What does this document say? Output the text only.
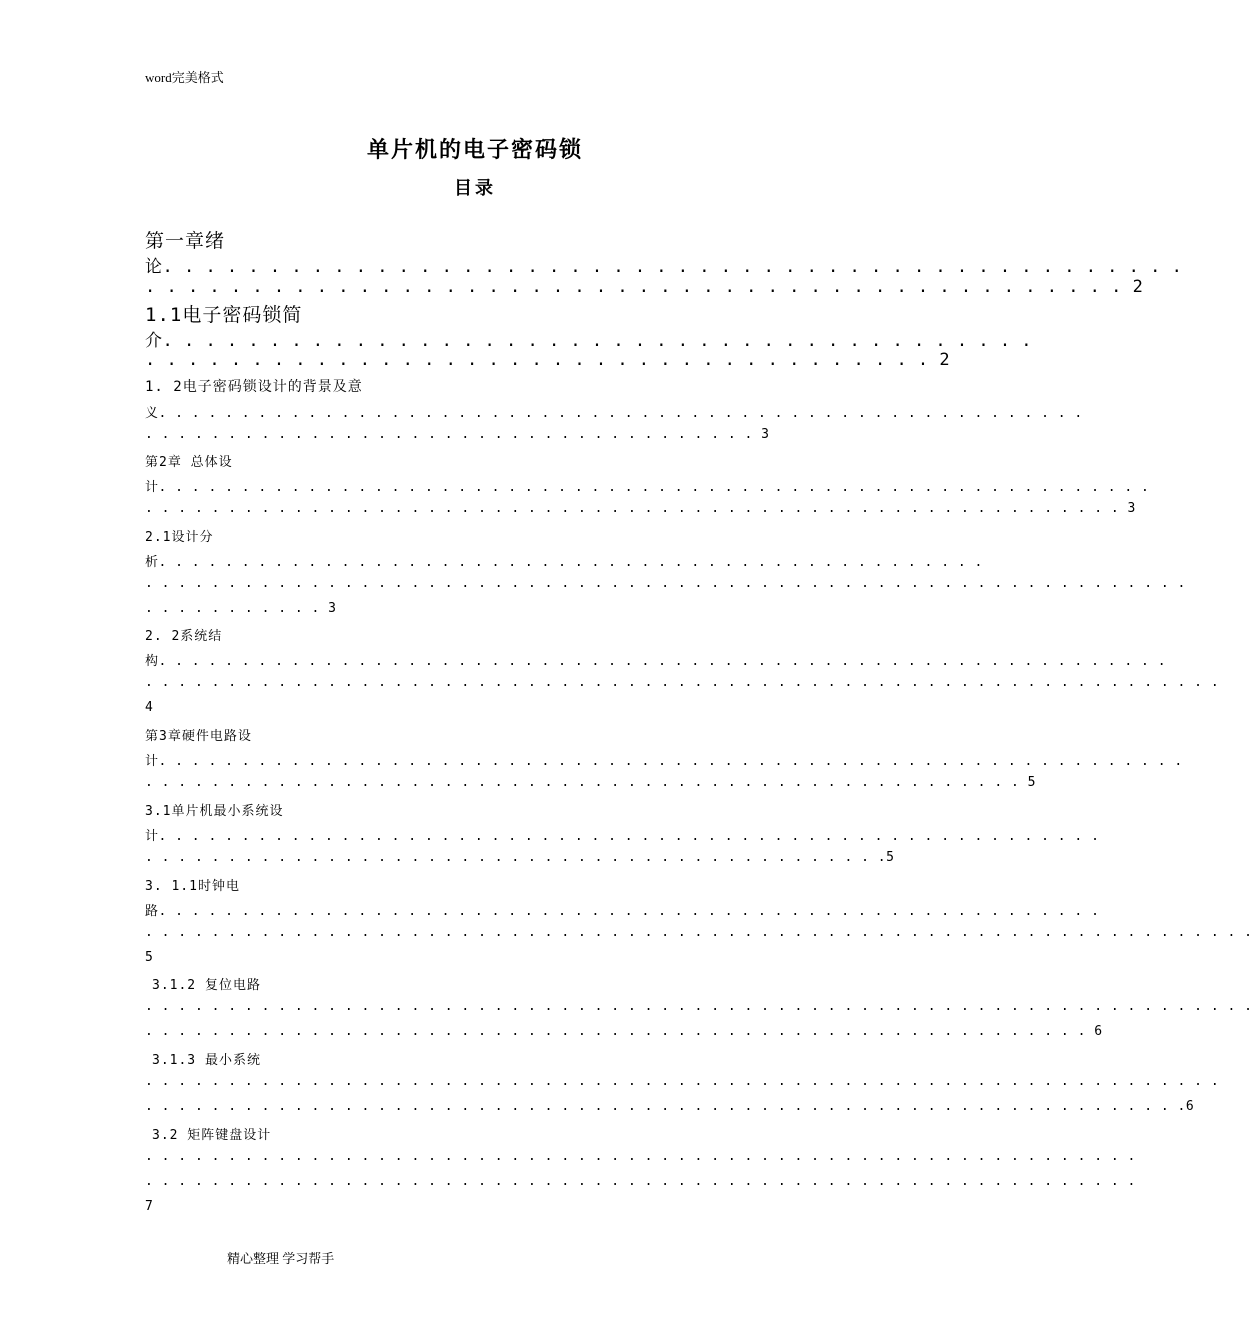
word完美格式
单片机的电子密码锁
目录
第一章绪
论. . . . . . . . . . . . . . . . . . . . . . . . . . . . . . . . . . . . . . . . . . . . . . . .
. . . . . . . . . . . . . . . . . . . . . . . . . . . . . . . . . . . . . . . . . . . . . . 2
1.1电子密码锁简
介. . . . . . . . . . . . . . . . . . . . . . . . . . . . . . . . . . . . . . . . .
. . . . . . . . . . . . . . . . . . . . . . . . . . . . . . . . . . . . . 2
1. 2电子密码锁设计的背景及意
义. . . . . . . . . . . . . . . . . . . . . . . . . . . . . . . . . . . . . . . . . . . . . . . . . . . . . . . .
. . . . . . . . . . . . . . . . . . . . . . . . . . . . . . . . . . . . . 3
第2章 总体设
计. . . . . . . . . . . . . . . . . . . . . . . . . . . . . . . . . . . . . . . . . . . . . . . . . . . . . . . . . . . .
. . . . . . . . . . . . . . . . . . . . . . . . . . . . . . . . . . . . . . . . . . . . . . . . . . . . . . . . . . . 3
2.1设计分
析. . . . . . . . . . . . . . . . . . . . . . . . . . . . . . . . . . . . . . . . . . . . . . . . . .
. . . . . . . . . . . . . . . . . . . . . . . . . . . . . . . . . . . . . . . . . . . . . . . . . . . . . . . . . . . . . . .
. . . . . . . . . . . 3
2. 2系统结
构. . . . . . . . . . . . . . . . . . . . . . . . . . . . . . . . . . . . . . . . . . . . . . . . . . . . . . . . . . . . .
. . . . . . . . . . . . . . . . . . . . . . . . . . . . . . . . . . . . . . . . . . . . . . . . . . . . . . . . . . . . . . . . .
4
第3章硬件电路设
计. . . . . . . . . . . . . . . . . . . . . . . . . . . . . . . . . . . . . . . . . . . . . . . . . . . . . . . . . . . . . .
. . . . . . . . . . . . . . . . . . . . . . . . . . . . . . . . . . . . . . . . . . . . . . . . . . . . . 5
3.1单片机最小系统设
计. . . . . . . . . . . . . . . . . . . . . . . . . . . . . . . . . . . . . . . . . . . . . . . . . . . . . . . . .
. . . . . . . . . . . . . . . . . . . . . . . . . . . . . . . . . . . . . . . . . . . . .5
3. 1.1时钟电
路. . . . . . . . . . . . . . . . . . . . . . . . . . . . . . . . . . . . . . . . . . . . . . . . . . . . . . . . .
. . . . . . . . . . . . . . . . . . . . . . . . . . . . . . . . . . . . . . . . . . . . . . . . . . . . . . . . . . . . . . . . . . .
5
3.1.2 复位电路
. . . . . . . . . . . . . . . . . . . . . . . . . . . . . . . . . . . . . . . . . . . . . . . . . . . . . . . . . . . . . . . . . . .
. . . . . . . . . . . . . . . . . . . . . . . . . . . . . . . . . . . . . . . . . . . . . . . . . . . . . . . . . 6
3.1.3 最小系统
. . . . . . . . . . . . . . . . . . . . . . . . . . . . . . . . . . . . . . . . . . . . . . . . . . . . . . . . . . . . . . . . .
. . . . . . . . . . . . . . . . . . . . . . . . . . . . . . . . . . . . . . . . . . . . . . . . . . . . . . . . . . . . . . .6
3.2 矩阵键盘设计
. . . . . . . . . . . . . . . . . . . . . . . . . . . . . . . . . . . . . . . . . . . . . . . . . . . . . . . . . . . .
. . . . . . . . . . . . . . . . . . . . . . . . . . . . . . . . . . . . . . . . . . . . . . . . . . . . . . . . . . . .
7
精心整理 学习帮手
